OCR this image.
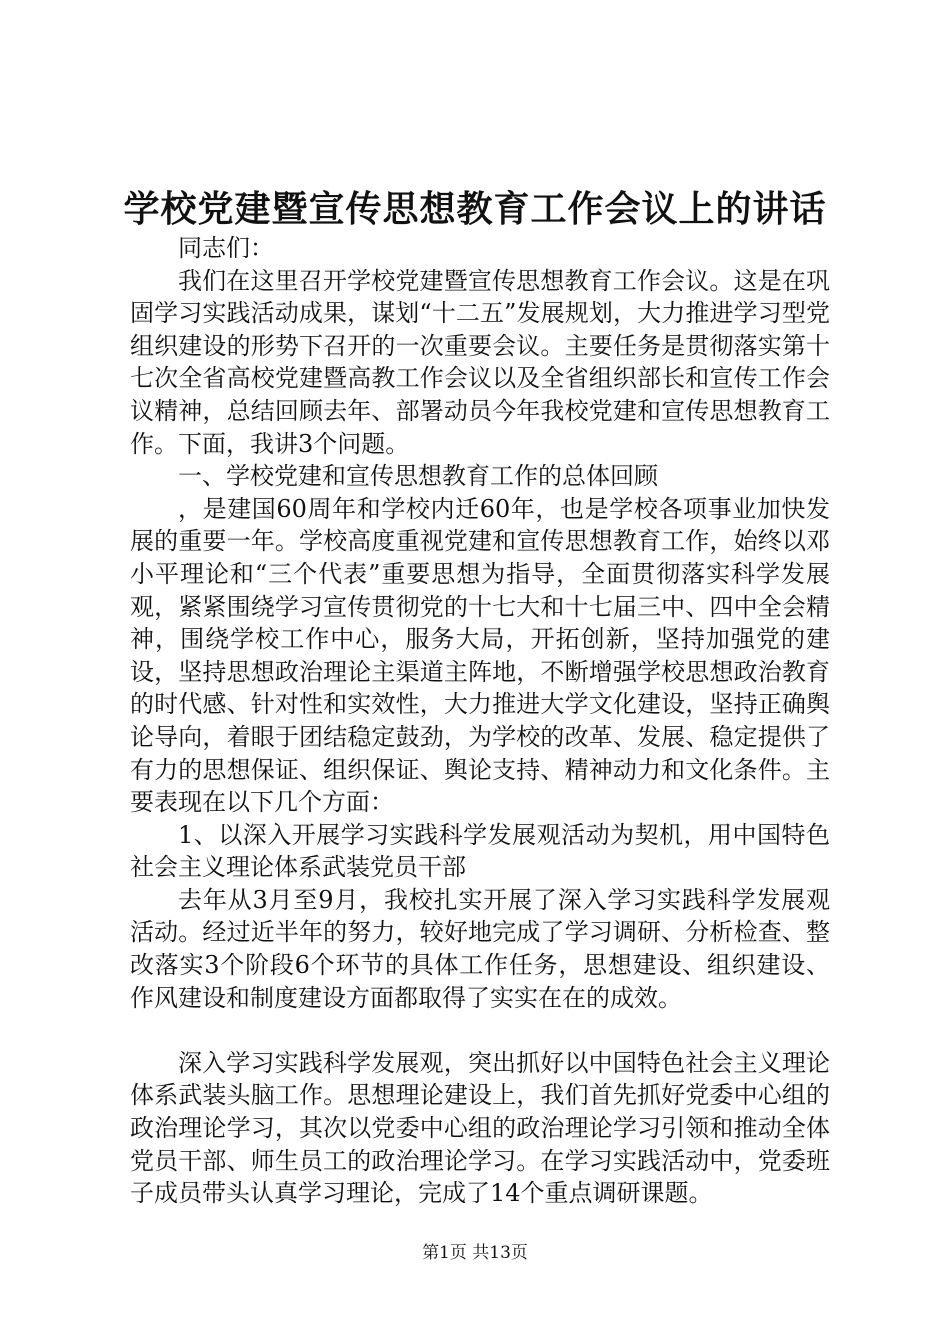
学校党建暨宣传思想教育工作会议上的讲话

同志们：

我们在这里召开学校党建暨宣传思想教育工作会议。这是在巩固学习实践活动成果，谋划“十二五”发展规划，大力推进学习型党组织建设的形势下召开的一次重要会议。主要任务是贯彻落实第十七次全省高校党建暨高教工作会议以及全省组织部长和宣传工作会议精神，总结回顾去年、部署动员今年我校党建和宣传思想教育工作。下面，我讲3个问题。

一、学校党建和宣传思想教育工作的总体回顾

，是建国60周年和学校内迁60年，也是学校各项事业加快发展的重要一年。学校高度重视党建和宣传思想教育工作，始终以邓小平理论和“三个代表”重要思想为指导，全面贯彻落实科学发展观，紧紧围绕学习宣传贯彻党的十七大和十七届三中、四中全会精神，围绕学校工作中心，服务大局，开拓创新，坚持加强党的建设，坚持思想政治理论主渠道主阵地，不断增强学校思想政治教育的时代感、针对性和实效性，大力推进大学文化建设，坚持正确舆论导向，着眼于团结稳定鼓劲，为学校的改革、发展、稳定提供了有力的思想保证、组织保证、舆论支持、精神动力和文化条件。主要表现在以下几个方面：

1、以深入开展学习实践科学发展观活动为契机，用中国特色社会主义理论体系武装党员干部

去年从3月至9月，我校扎实开展了深入学习实践科学发展观活动。经过近半年的努力，较好地完成了学习调研、分析检查、整改落实3个阶段6个环节的具体工作任务，思想建设、组织建设、作风建设和制度建设方面都取得了实实在在的成效。

深入学习实践科学发展观，突出抓好以中国特色社会主义理论体系武装头脑工作。思想理论建设上，我们首先抓好党委中心组的政治理论学习，其次以党委中心组的政治理论学习引领和推动全体党员干部、师生员工的政治理论学习。在学习实践活动中，党委班子成员带头认真学习理论，完成了14个重点调研课题。

第1页 共13页
